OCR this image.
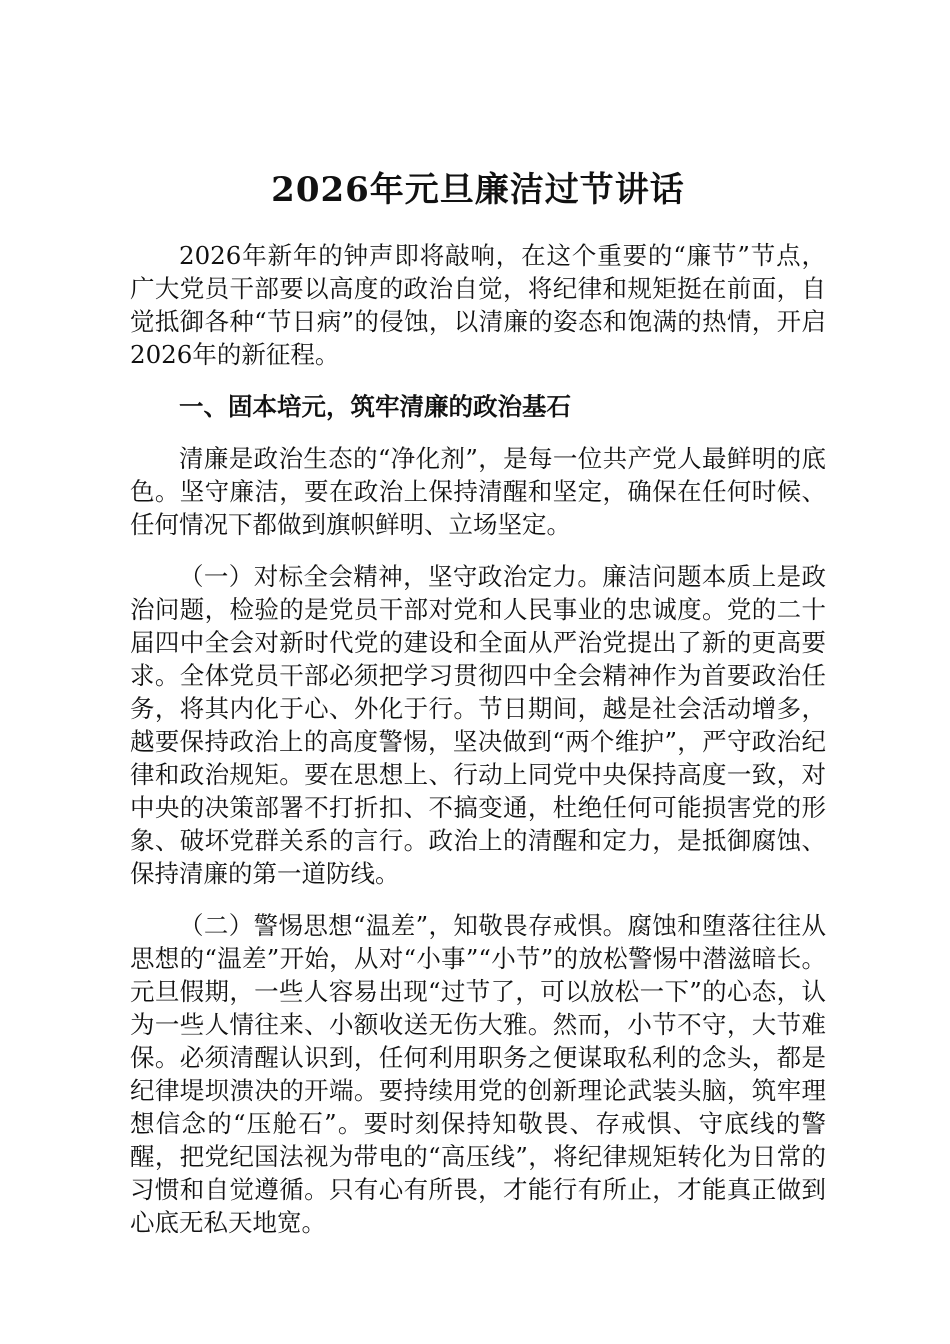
2026年元旦廉洁过节讲话

2026年新年的钟声即将敲响，在这个重要的“廉节”节点，广大党员干部要以高度的政治自觉，将纪律和规矩挺在前面，自觉抵御各种“节日病”的侵蚀，以清廉的姿态和饱满的热情，开启2026年的新征程。

一、固本培元，筑牢清廉的政治基石

清廉是政治生态的“净化剂”，是每一位共产党人最鲜明的底色。坚守廉洁，要在政治上保持清醒和坚定，确保在任何时候、任何情况下都做到旗帜鲜明、立场坚定。

（一）对标全会精神，坚守政治定力。廉洁问题本质上是政治问题，检验的是党员干部对党和人民事业的忠诚度。党的二十届四中全会对新时代党的建设和全面从严治党提出了新的更高要求。全体党员干部必须把学习贯彻四中全会精神作为首要政治任务，将其内化于心、外化于行。节日期间，越是社会活动增多，越要保持政治上的高度警惕，坚决做到“两个维护”，严守政治纪律和政治规矩。要在思想上、行动上同党中央保持高度一致，对中央的决策部署不打折扣、不搞变通，杜绝任何可能损害党的形象、破坏党群关系的言行。政治上的清醒和定力，是抵御腐蚀、保持清廉的第一道防线。

（二）警惕思想“温差”，知敬畏存戒惧。腐蚀和堕落往往从思想的“温差”开始，从对“小事”“小节”的放松警惕中潜滋暗长。元旦假期，一些人容易出现“过节了，可以放松一下”的心态，认为一些人情往来、小额收送无伤大雅。然而，小节不守，大节难保。必须清醒认识到，任何利用职务之便谋取私利的念头，都是纪律堤坝溃决的开端。要持续用党的创新理论武装头脑，筑牢理想信念的“压舱石”。要时刻保持知敬畏、存戒惧、守底线的警醒，把党纪国法视为带电的“高压线”，将纪律规矩转化为日常的习惯和自觉遵循。只有心有所畏，才能行有所止，才能真正做到心底无私天地宽。
